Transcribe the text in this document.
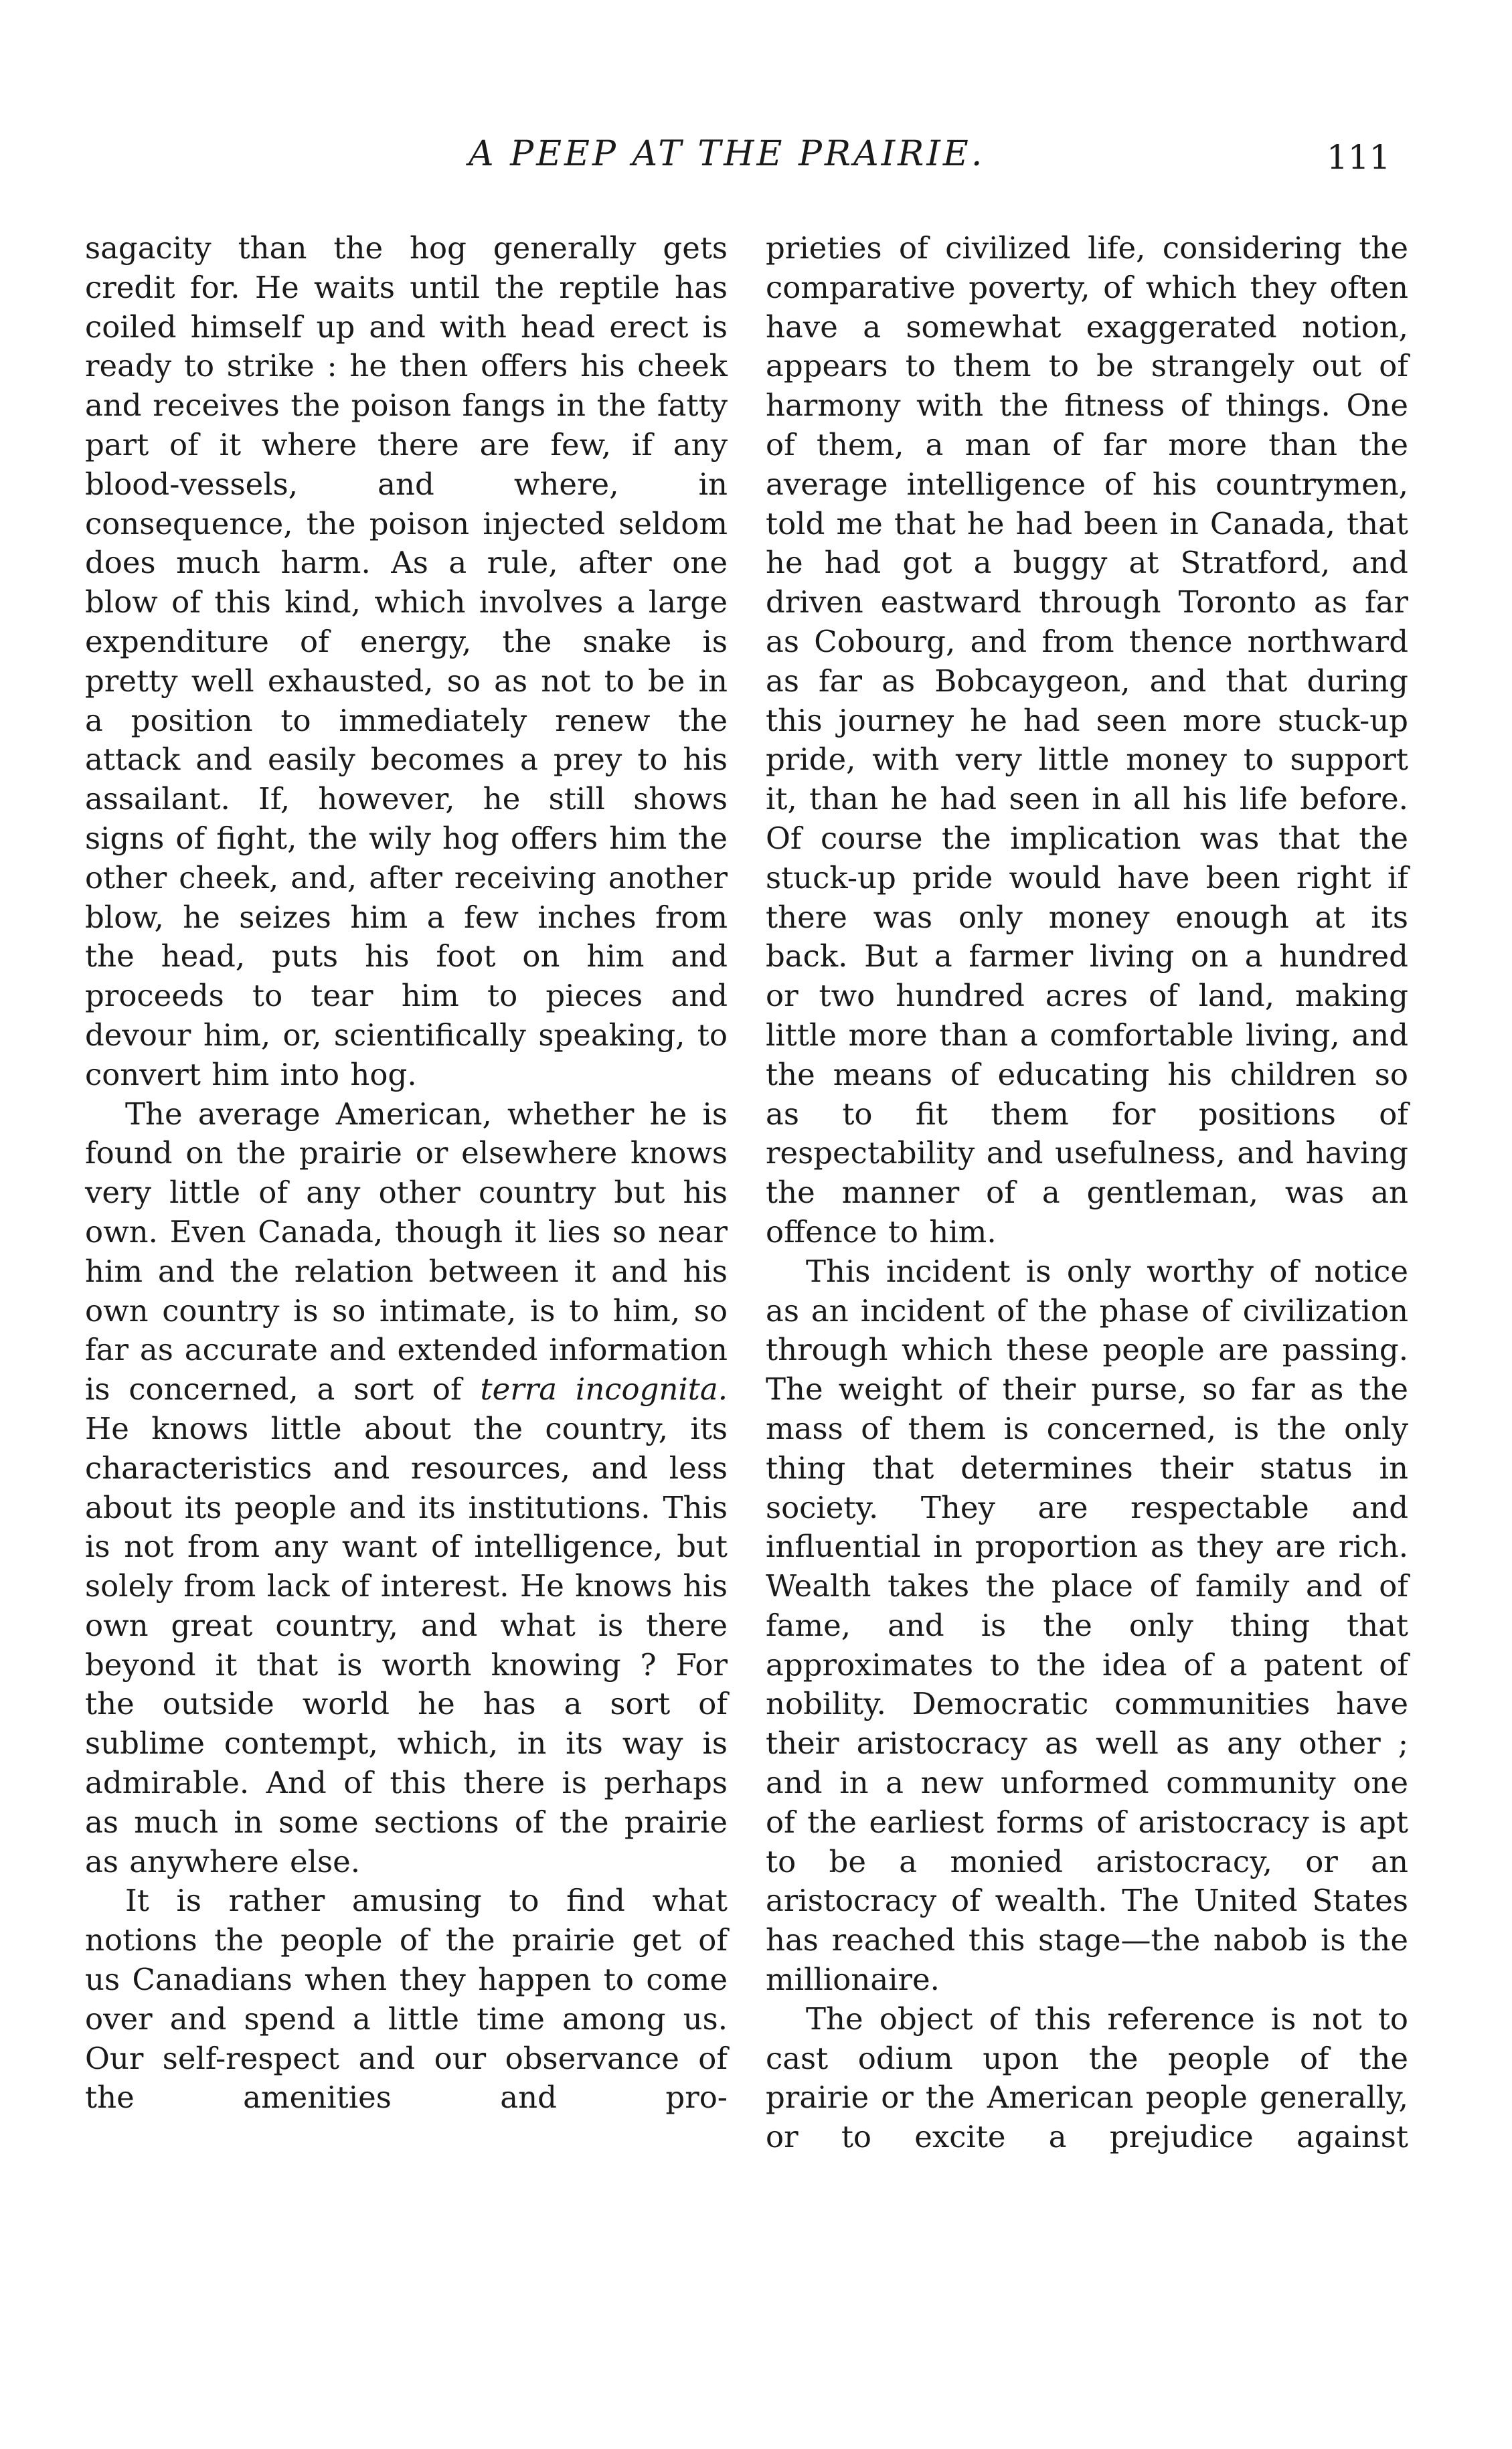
A PEEP AT THE PRAIRIE.	111

sagacity than the hog generally gets credit for. He waits until the reptile has coiled himself up and with head erect is ready to strike : he then offers his cheek and receives the poison fangs in the fatty part of it where there are few, if any blood-vessels, and where, in consequence, the poison injected seldom does much harm. As a rule, after one blow of this kind, which involves a large expenditure of energy, the snake is pretty well exhausted, so as not to be in a position to immediately renew the attack and easily becomes a prey to his assailant. If, however, he still shows signs of fight, the wily hog offers him the other cheek, and, after receiving another blow, he seizes him a few inches from the head, puts his foot on him and proceeds to tear him to pieces and devour him, or, scientifically speaking, to convert him into hog.

The average American, whether he is found on the prairie or elsewhere knows very little of any other country but his own. Even Canada, though it lies so near him and the relation between it and his own country is so intimate, is to him, so far as accurate and extended information is concerned, a sort of terra incognita. He knows little about the country, its characteristics and resources, and less about its people and its institutions. This is not from any want of intelligence, but solely from lack of interest. He knows his own great country, and what is there beyond it that is worth knowing ? For the outside world he has a sort of sublime contempt, which, in its way is admirable. And of this there is perhaps as much in some sections of the prairie as anywhere else.

It is rather amusing to find what notions the people of the prairie get of us Canadians when they happen to come over and spend a little time among us. Our self-respect and our observance of the amenities and pro-

prieties of civilized life, considering the comparative poverty, of which they often have a somewhat exaggerated notion, appears to them to be strangely out of harmony with the fitness of things. One of them, a man of far more than the average intelligence of his countrymen, told me that he had been in Canada, that he had got a buggy at Stratford, and driven eastward through Toronto as far as Cobourg, and from thence northward as far as Bobcaygeon, and that during this journey he had seen more stuck-up pride, with very little money to support it, than he had seen in all his life before. Of course the implication was that the stuck-up pride would have been right if there was only money enough at its back. But a farmer living on a hundred or two hundred acres of land, making little more than a comfortable living, and the means of educating his children so as to fit them for positions of respectability and usefulness, and having the manner of a gentleman, was an offence to him.

This incident is only worthy of notice as an incident of the phase of civilization through which these people are passing. The weight of their purse, so far as the mass of them is concerned, is the only thing that determines their status in society. They are respectable and influential in proportion as they are rich. Wealth takes the place of family and of fame, and is the only thing that approximates to the idea of a patent of nobility. Democratic communities have their aristocracy as well as any other ; and in a new unformed community one of the earliest forms of aristocracy is apt to be a monied aristocracy, or an aristocracy of wealth. The United States has reached this stage—the nabob is the millionaire.

The object of this reference is not to cast odium upon the people of the prairie or the American people generally, or to excite a prejudice against
